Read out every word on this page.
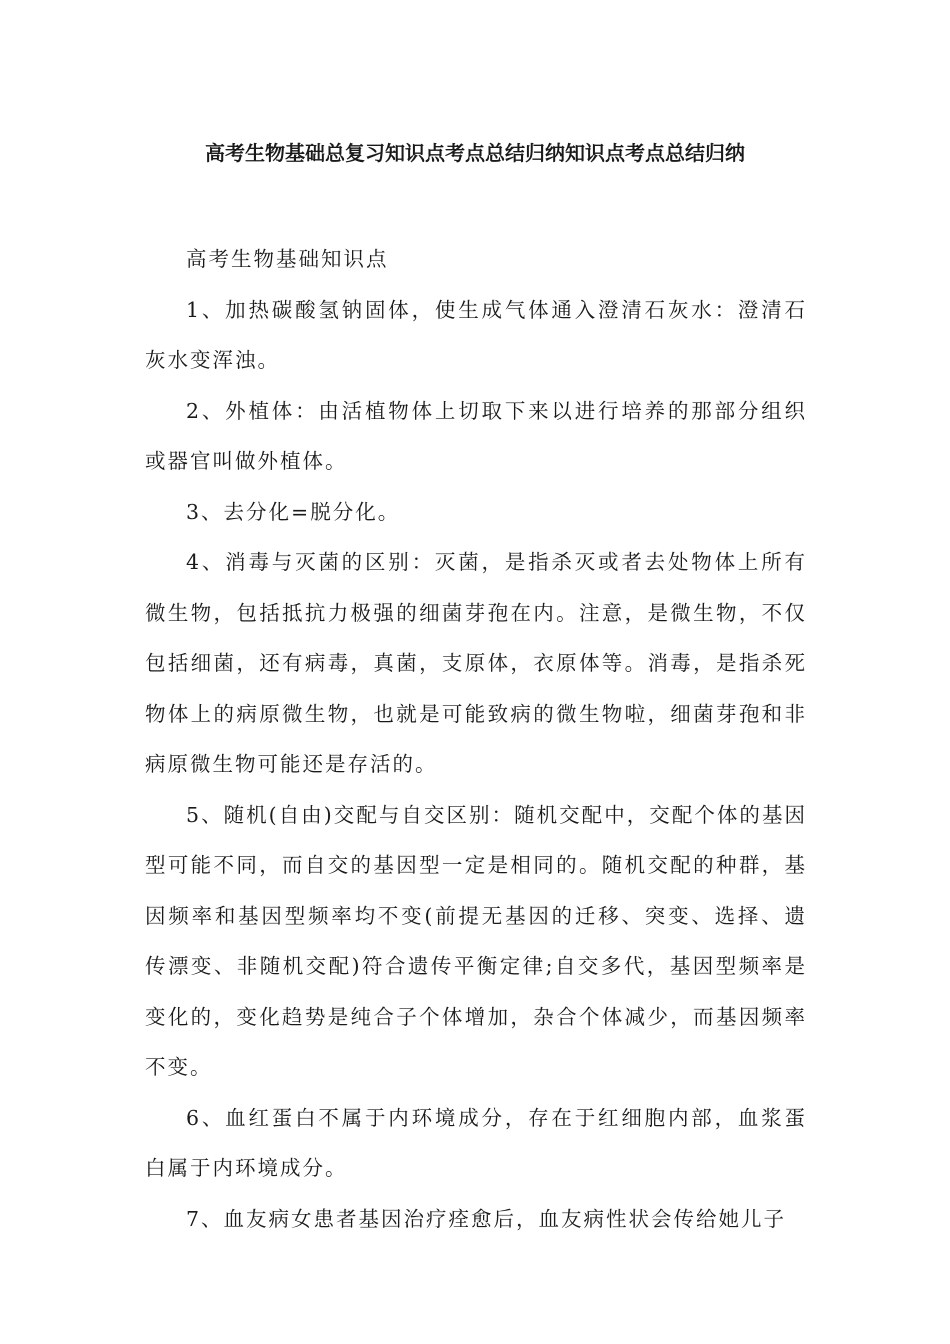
高考生物基础总复习知识点考点总结归纳知识点考点总结归纳

高考生物基础知识点

1、加热碳酸氢钠固体，使生成气体通入澄清石灰水：澄清石灰水变浑浊。

2、外植体：由活植物体上切取下来以进行培养的那部分组织或器官叫做外植体。

3、去分化=脱分化。

4、消毒与灭菌的区别：灭菌，是指杀灭或者去处物体上所有微生物，包括抵抗力极强的细菌芽孢在内。注意，是微生物，不仅包括细菌，还有病毒，真菌，支原体，衣原体等。消毒，是指杀死物体上的病原微生物，也就是可能致病的微生物啦，细菌芽孢和非病原微生物可能还是存活的。

5、随机(自由)交配与自交区别：随机交配中，交配个体的基因型可能不同，而自交的基因型一定是相同的。随机交配的种群，基因频率和基因型频率均不变(前提无基因的迁移、突变、选择、遗传漂变、非随机交配)符合遗传平衡定律;自交多代，基因型频率是变化的，变化趋势是纯合子个体增加，杂合个体减少，而基因频率不变。

6、血红蛋白不属于内环境成分，存在于红细胞内部，血浆蛋白属于内环境成分。

7、血友病女患者基因治疗痊愈后，血友病性状会传给她儿子
